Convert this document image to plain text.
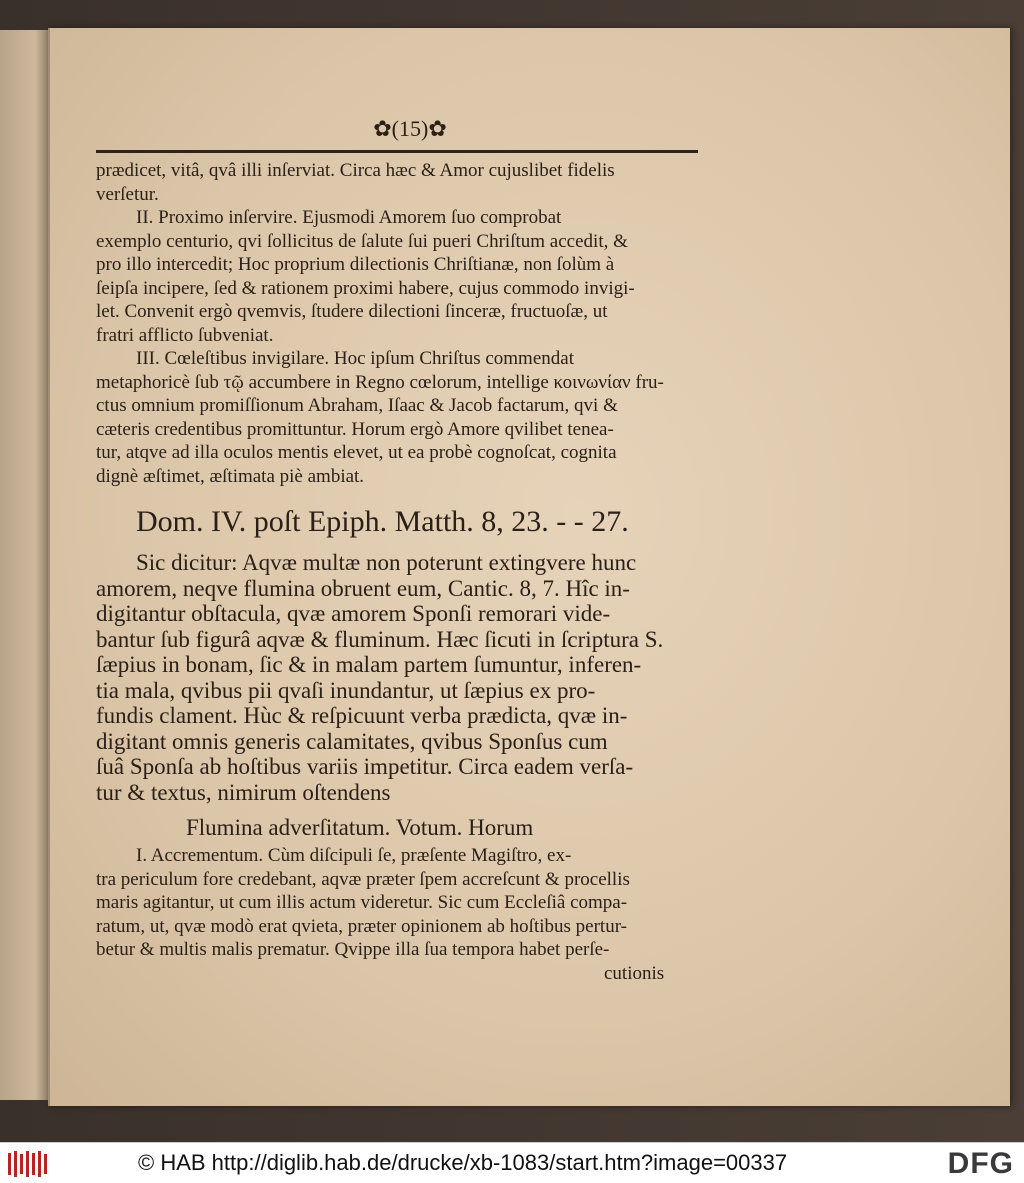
✿(15)✿
prædicet, vitâ, qvâ illi inſerviat. Circa hæc & Amor cujuslibet fidelis
verſetur.
II. Proximo inſervire. Ejusmodi Amorem ſuo comprobat
exemplo centurio, qvi ſollicitus de ſalute ſui pueri Chriſtum accedit, &
pro illo intercedit; Hoc proprium dilectionis Chriſtianæ, non ſolùm à
ſeipſa incipere, ſed & rationem proximi habere, cujus commodo invigi-
let. Convenit ergò qvemvis, ſtudere dilectioni ſinceræ, fructuoſæ, ut
fratri afflicto ſubveniat.
III. Cœleſtibus invigilare. Hoc ipſum Chriſtus commendat
metaphoricè ſub τῷ accumbere in Regno cœlorum, intellige κοινωνίαν fru-
ctus omnium promiſſionum Abraham, Iſaac & Jacob factarum, qvi &
cæteris credentibus promittuntur. Horum ergò Amore qvilibet tenea-
tur, atqve ad illa oculos mentis elevet, ut ea probè cognoſcat, cognita
dignè æſtimet, æſtimata piè ambiat.
Dom. IV. poſt Epiph. Matth. 8, 23. - - 27.
Sic dicitur: Aqvæ multæ non poterunt extingvere hunc
amorem, neqve flumina obruent eum, Cantic. 8, 7. Hîc in-
digitantur obſtacula, qvæ amorem Sponſi remorari vide-
bantur ſub figurâ aqvæ & fluminum. Hæc ſicuti in ſcriptura S.
ſæpius in bonam, ſic & in malam partem ſumuntur, inferen-
tia mala, qvibus pii qvaſi inundantur, ut ſæpius ex pro-
fundis clament. Hùc & reſpicuunt verba prædicta, qvæ in-
digitant omnis generis calamitates, qvibus Sponſus cum
ſuâ Sponſa ab hoſtibus variis impetitur. Circa eadem verſa-
tur & textus, nimirum oſtendens
Flumina adverſitatum. Votum. Horum
I. Accrementum. Cùm diſcipuli ſe, præſente Magiſtro, ex-
tra periculum fore credebant, aqvæ præter ſpem accreſcunt & procellis
maris agitantur, ut cum illis actum videretur. Sic cum Eccleſiâ compa-
ratum, ut, qvæ modò erat qvieta, præter opinionem ab hoſtibus pertur-
betur & multis malis prematur. Qvippe illa ſua tempora habet perſe-
cutionis
© HAB http://diglib.hab.de/drucke/xb-1083/start.htm?image=00337	DFG
